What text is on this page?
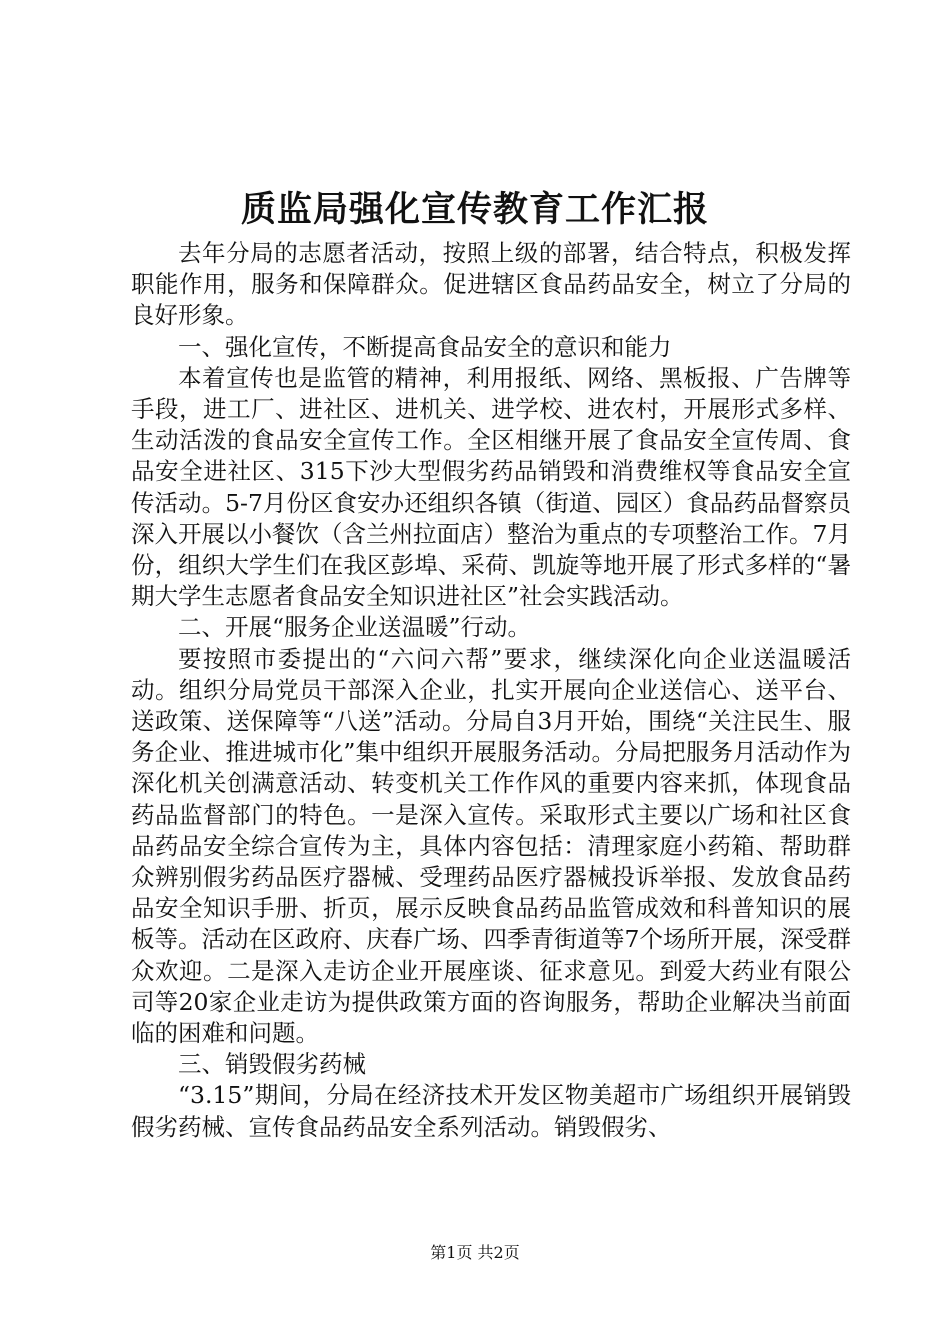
质监局强化宣传教育工作汇报

去年分局的志愿者活动，按照上级的部署，结合特点，积极发挥职能作用，服务和保障群众。促进辖区食品药品安全，树立了分局的良好形象。

一、强化宣传，不断提高食品安全的意识和能力

本着宣传也是监管的精神，利用报纸、网络、黑板报、广告牌等手段，进工厂、进社区、进机关、进学校、进农村，开展形式多样、生动活泼的食品安全宣传工作。全区相继开展了食品安全宣传周、食品安全进社区、315下沙大型假劣药品销毁和消费维权等食品安全宣传活动。5-7月份区食安办还组织各镇（街道、园区）食品药品督察员深入开展以小餐饮（含兰州拉面店）整治为重点的专项整治工作。7月份，组织大学生们在我区彭埠、采荷、凯旋等地开展了形式多样的“暑期大学生志愿者食品安全知识进社区”社会实践活动。

二、开展“服务企业送温暖”行动。

要按照市委提出的“六问六帮”要求，继续深化向企业送温暖活动。组织分局党员干部深入企业，扎实开展向企业送信心、送平台、送政策、送保障等“八送”活动。分局自3月开始，围绕“关注民生、服务企业、推进城市化”集中组织开展服务活动。分局把服务月活动作为深化机关创满意活动、转变机关工作作风的重要内容来抓，体现食品药品监督部门的特色。一是深入宣传。采取形式主要以广场和社区食品药品安全综合宣传为主，具体内容包括：清理家庭小药箱、帮助群众辨别假劣药品医疗器械、受理药品医疗器械投诉举报、发放食品药品安全知识手册、折页，展示反映食品药品监管成效和科普知识的展板等。活动在区政府、庆春广场、四季青街道等7个场所开展，深受群众欢迎。二是深入走访企业开展座谈、征求意见。到爱大药业有限公司等20家企业走访为提供政策方面的咨询服务，帮助企业解决当前面临的困难和问题。

三、销毁假劣药械

“3.15”期间，分局在经济技术开发区物美超市广场组织开展销毁假劣药械、宣传食品药品安全系列活动。销毁假劣、

第1页 共2页
